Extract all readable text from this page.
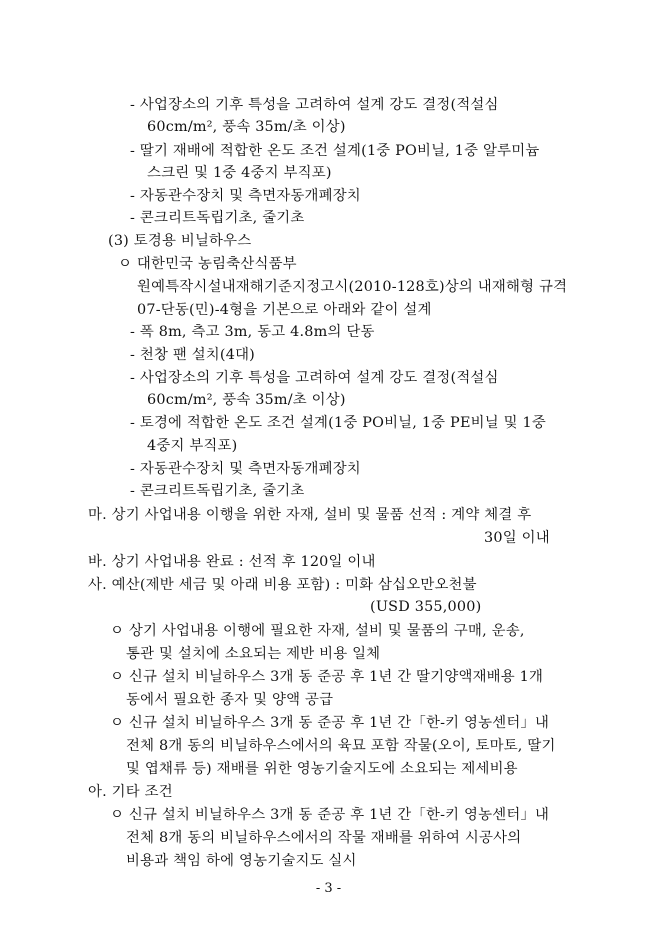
- 사업장소의 기후 특성을 고려하여 설계 강도 결정(적설심
60cm/m², 풍속 35m/초 이상)
- 딸기 재배에 적합한 온도 조건 설계(1중 PO비닐, 1중 알루미늄
스크린 및 1중 4중지 부직포)
- 자동관수장치 및 측면자동개폐장치
- 콘크리트독립기초, 줄기초
(3) 토경용 비닐하우스
ㅇ 대한민국 농림축산식품부
원예특작시설내재해기준지정고시(2010-128호)상의 내재해형 규격
07-단동(민)-4형을 기본으로 아래와 같이 설계
- 폭 8m, 측고 3m, 동고 4.8m의 단동
- 천창 팬 설치(4대)
- 사업장소의 기후 특성을 고려하여 설계 강도 결정(적설심
60cm/m², 풍속 35m/초 이상)
- 토경에 적합한 온도 조건 설계(1중 PO비닐, 1중 PE비닐 및 1중
4중지 부직포)
- 자동관수장치 및 측면자동개폐장치
- 콘크리트독립기초, 줄기초
마. 상기 사업내용 이행을 위한 자재, 설비 및 물품 선적 : 계약 체결 후
30일 이내
바. 상기 사업내용 완료 : 선적 후 120일 이내
사. 예산(제반 세금 및 아래 비용 포함) : 미화 삼십오만오천불
(USD 355,000)
ㅇ 상기 사업내용 이행에 필요한 자재, 설비 및 물품의 구매, 운송,
통관 및 설치에 소요되는 제반 비용 일체
ㅇ 신규 설치 비닐하우스 3개 동 준공 후 1년 간 딸기양액재배용 1개
동에서 필요한 종자 및 양액 공급
ㅇ 신규 설치 비닐하우스 3개 동 준공 후 1년 간「한-키 영농센터」내
전체 8개 동의 비닐하우스에서의 육묘 포함 작물(오이, 토마토, 딸기
및 엽채류 등) 재배를 위한 영농기술지도에 소요되는 제세비용
아. 기타 조건
ㅇ 신규 설치 비닐하우스 3개 동 준공 후 1년 간「한-키 영농센터」내
전체 8개 동의 비닐하우스에서의 작물 재배를 위하여 시공사의
비용과 책임 하에 영농기술지도 실시
- 3 -
